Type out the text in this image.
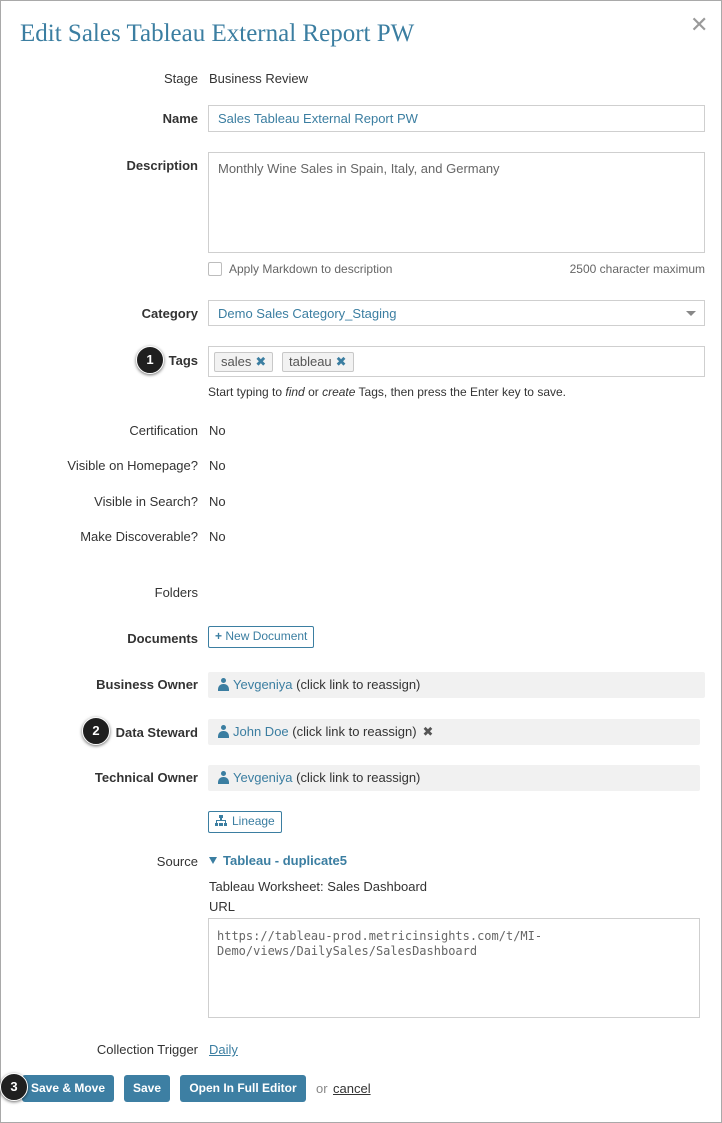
Edit Sales Tableau External Report PW	✕
Stage Business Review
Name Sales Tableau External Report PW
Description Monthly Wine Sales in Spain, Italy, and Germany
Apply Markdown to description	2500 character maximum
Category Demo Sales Category_Staging
1	Tags	sales ✖	tableau ✖
Start typing to find or create Tags, then press the Enter key to save.
Certification No
Visible on Homepage? No
Visible in Search? No
Make Discoverable? No
Folders
Documents	+ New Document
Business Owner	Yevgeniya (click link to reassign)
2	Data Steward	John Doe (click link to reassign) ✖
Technical Owner	Yevgeniya (click link to reassign)
Lineage
Source	Tableau - duplicate5
Tableau Worksheet: Sales Dashboard
URL
https://tableau-prod.metricinsights.com/t/MI-
Demo/views/DailySales/SalesDashboard
Collection Trigger Daily
Save & Move
3	Save	Open In Full Editor	or cancel
